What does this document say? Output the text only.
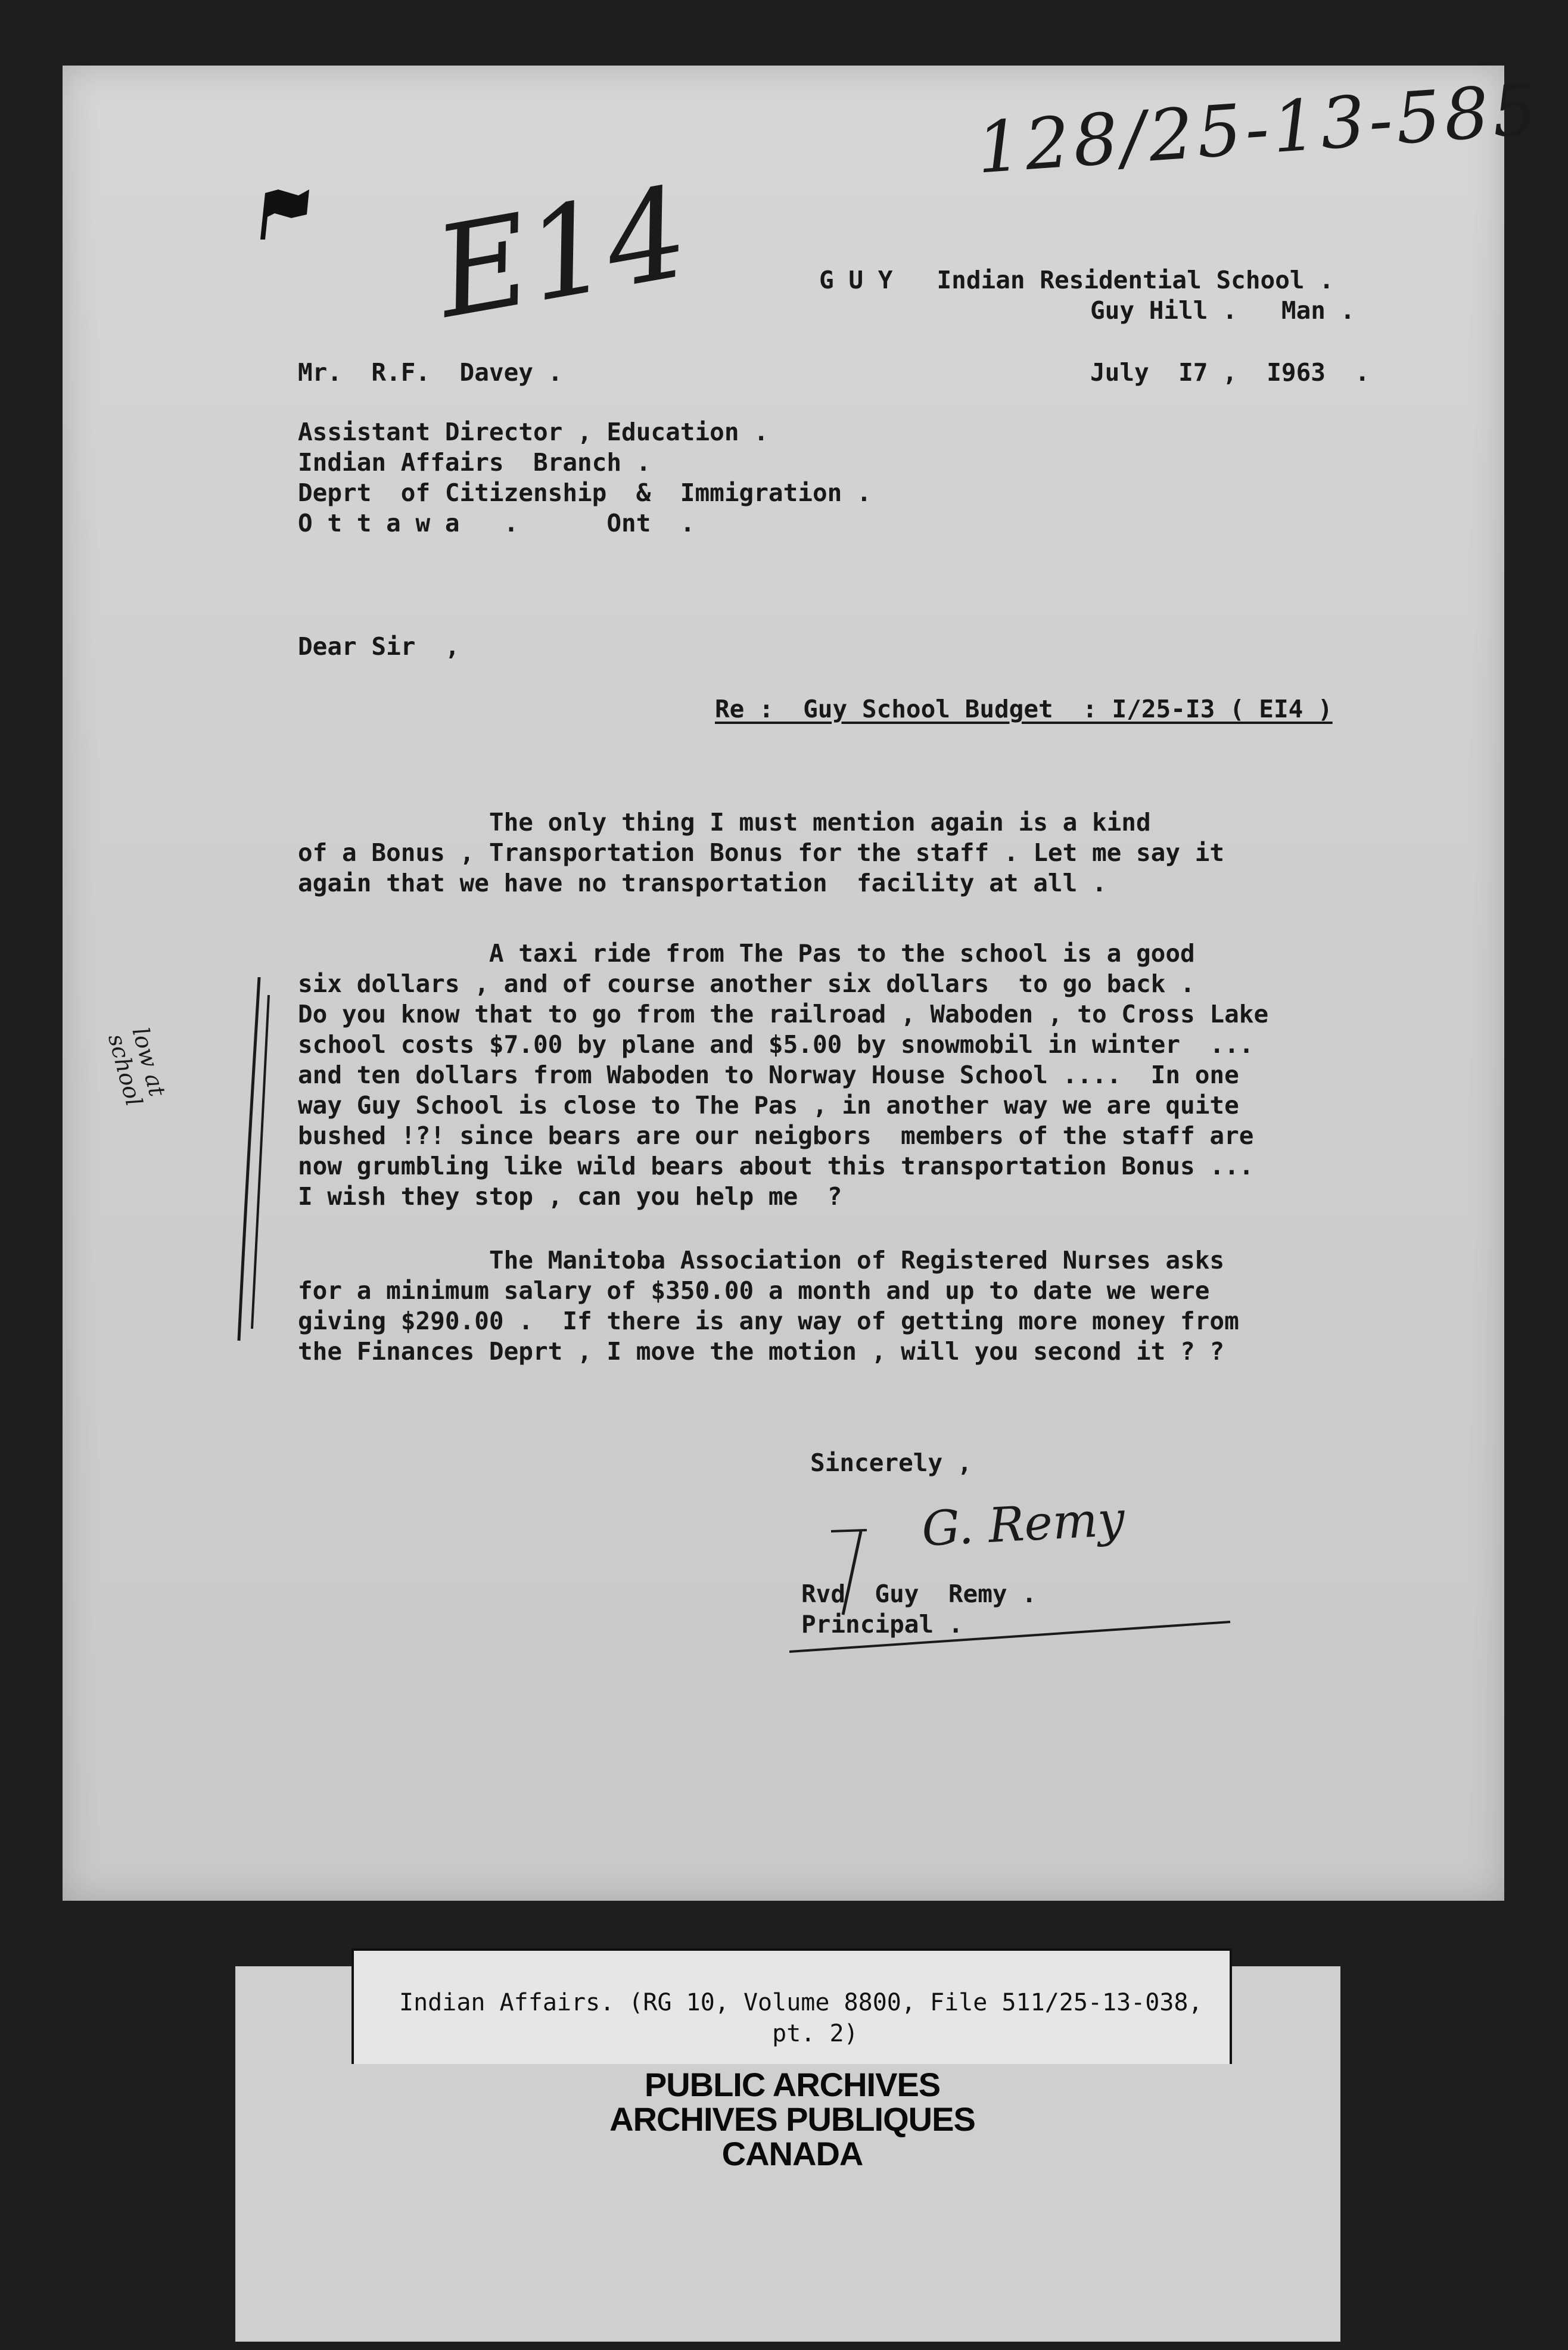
128/25-13-585
E14	G U Y   Indian Residential School .
Guy Hill .   Man .
Mr.  R.F.  Davey .	July  I7 ,  I963  .
Assistant Director , Education .
Indian Affairs  Branch .
Deprt  of Citizenship  &  Immigration .
O t t a w a   .      Ont  .
Dear Sir  ,
Re :  Guy School Budget  : I/25-I3 ( EI4 )
The only thing I must mention again is a kind
of a Bonus , Transportation Bonus for the staff . Let me say it
again that we have no transportation  facility at all .
low at
school
A taxi ride from The Pas to the school is a good
six dollars , and of course another six dollars  to go back .
Do you know that to go from the railroad , Waboden , to Cross Lake
school costs $7.00 by plane and $5.00 by snowmobil in winter  ...
and ten dollars from Waboden to Norway House School ....  In one
way Guy School is close to The Pas , in another way we are quite
bushed !?! since bears are our neigbors  members of the staff are
now grumbling like wild bears about this transportation Bonus ...
I wish they stop , can you help me  ?
The Manitoba Association of Registered Nurses asks
for a minimum salary of $350.00 a month and up to date we were
giving $290.00 .  If there is any way of getting more money from
the Finances Deprt , I move the motion , will you second it ? ?
Sincerely ,
G. Remy
Rvd  Guy  Remy .
Principal .
Indian Affairs. (RG 10, Volume 8800, File 511/25-13-038,
pt. 2)
PUBLIC ARCHIVES
ARCHIVES PUBLIQUES
CANADA
